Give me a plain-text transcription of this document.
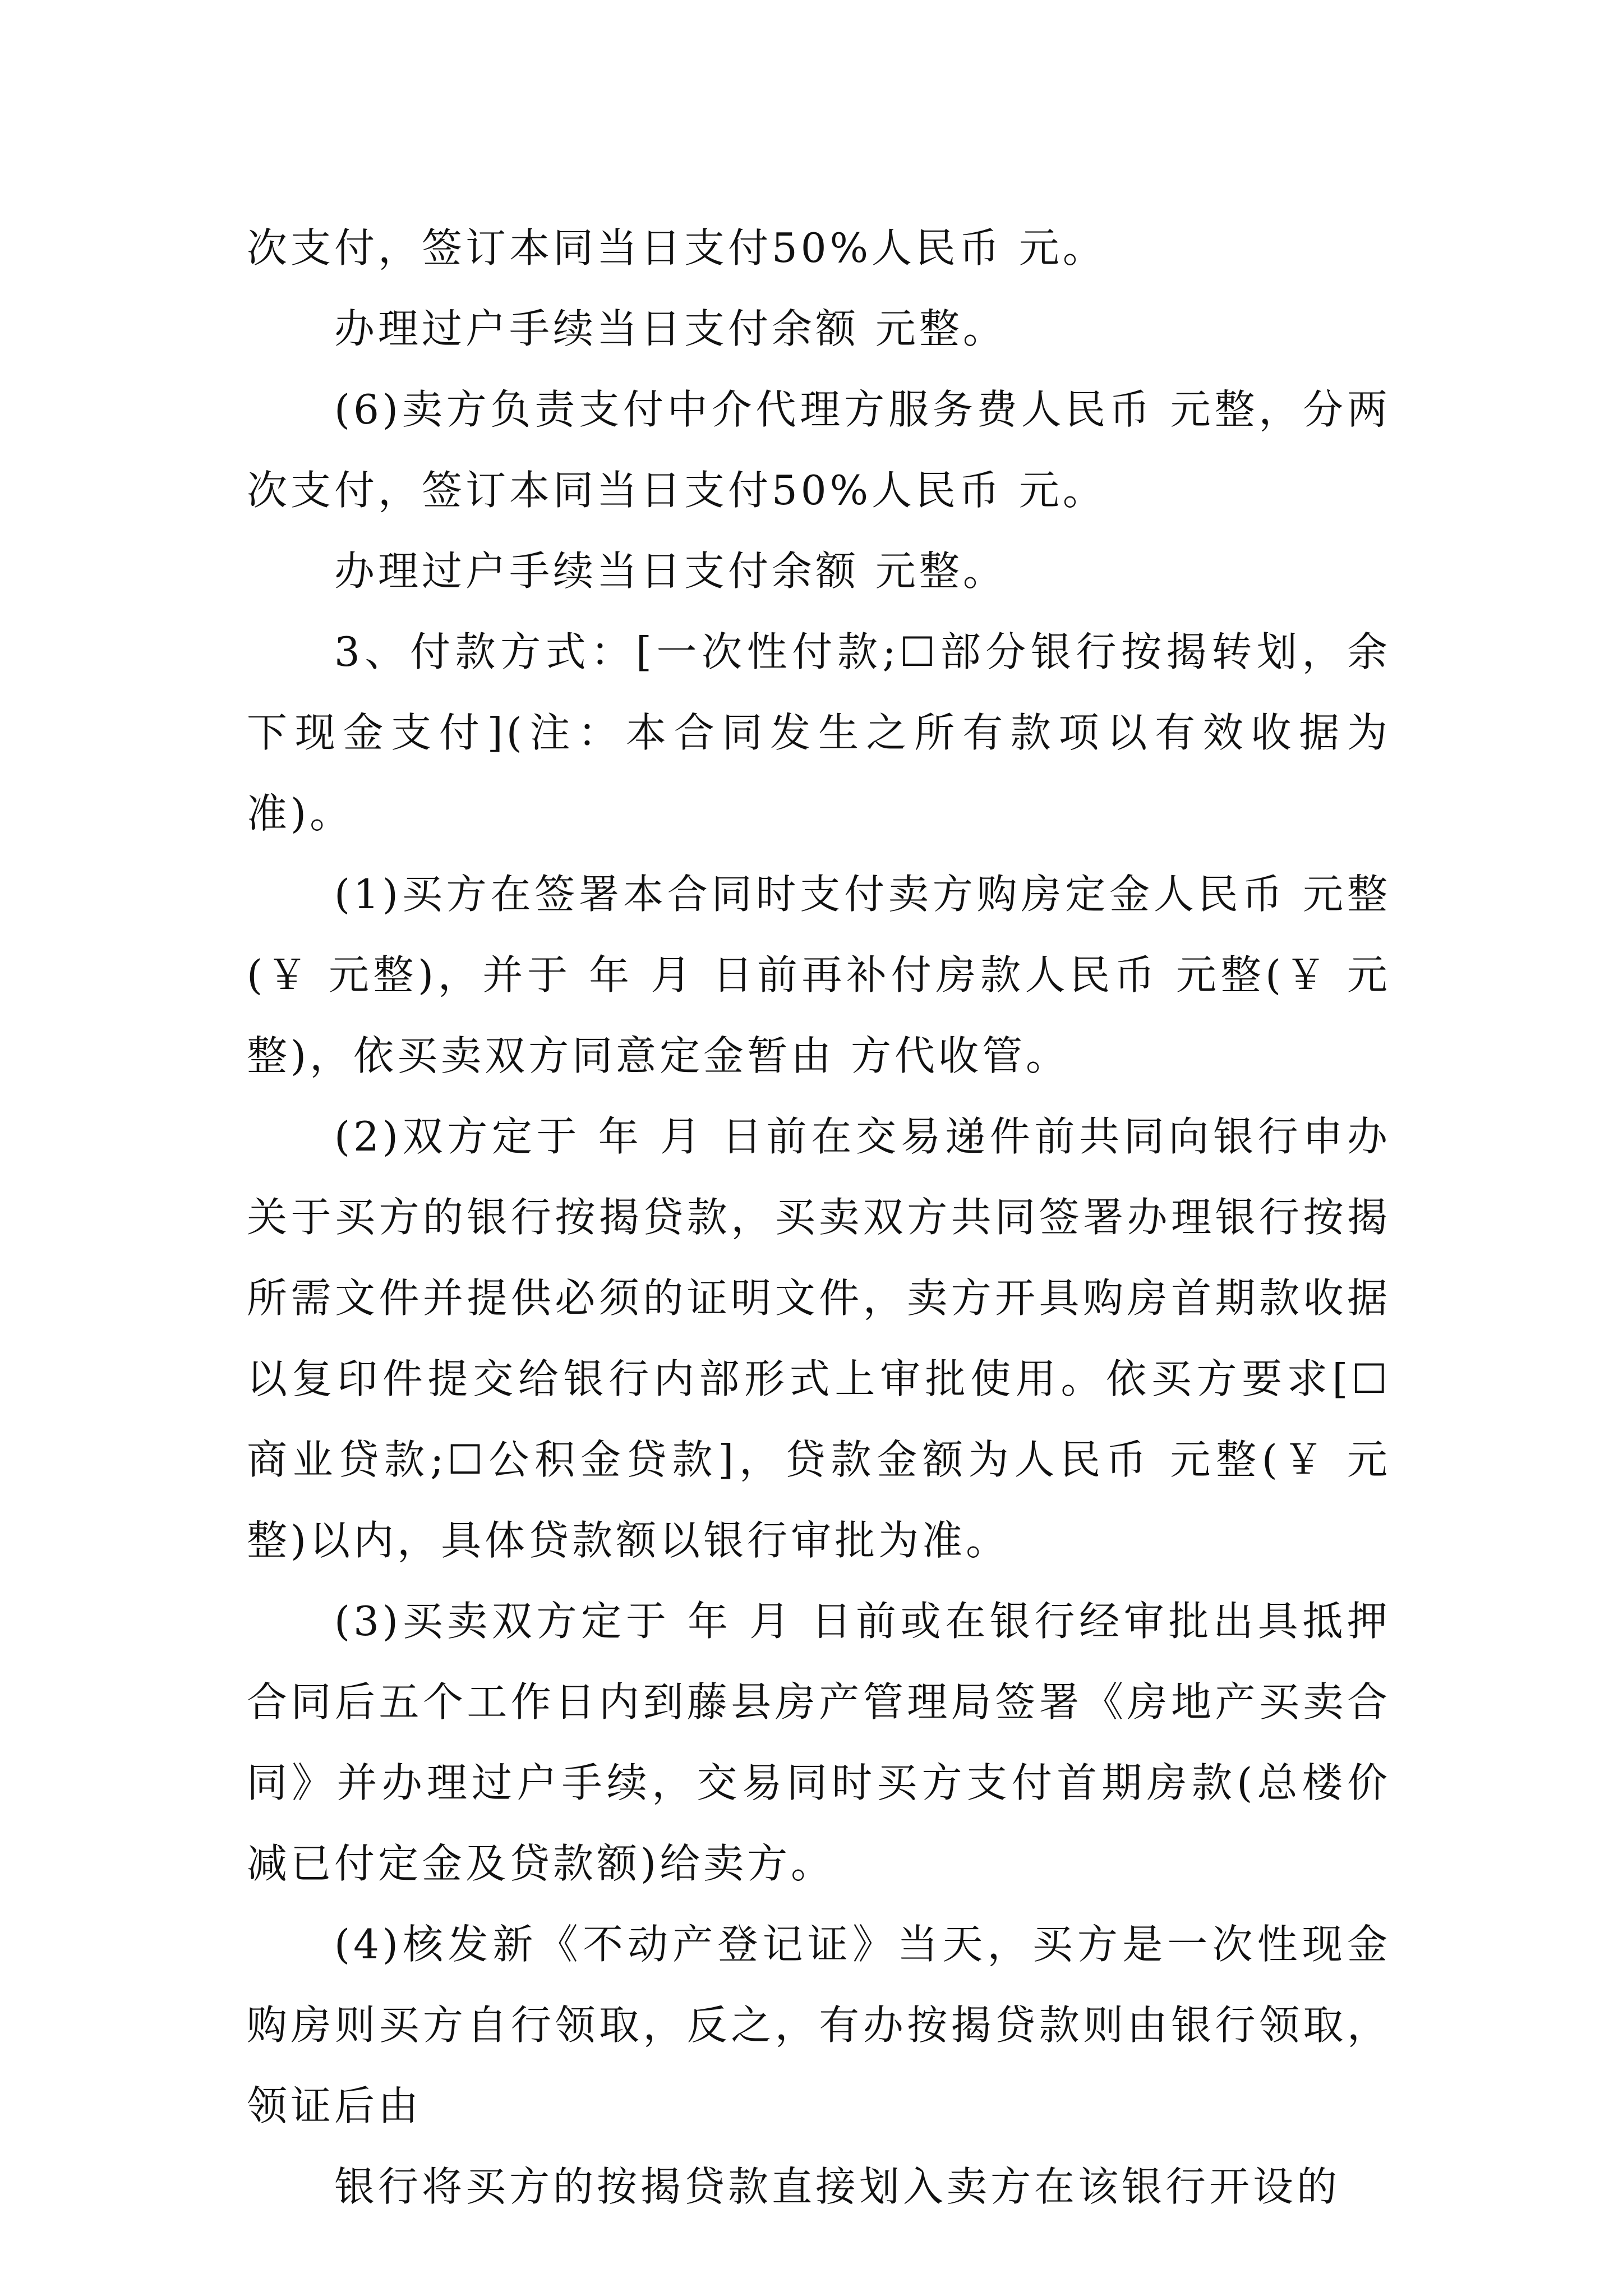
次支付，签订本同当日支付50%人民币 元。

办理过户手续当日支付余额 元整。

(6)卖方负责支付中介代理方服务费人民币 元整，分两次支付，签订本同当日支付50%人民币 元。

办理过户手续当日支付余额 元整。

3、付款方式：[一次性付款;☐部分银行按揭转划，余下现金支付](注：本合同发生之所有款项以有效收据为准)。

(1)买方在签署本合同时支付卖方购房定金人民币 元整(￥ 元整)，并于 年 月 日前再补付房款人民币 元整(￥ 元整)，依买卖双方同意定金暂由 方代收管。

(2)双方定于 年 月 日前在交易递件前共同向银行申办关于买方的银行按揭贷款，买卖双方共同签署办理银行按揭所需文件并提供必须的证明文件，卖方开具购房首期款收据以复印件提交给银行内部形式上审批使用。依买方要求[☐商业贷款;☐公积金贷款]，贷款金额为人民币 元整(￥ 元整)以内，具体贷款额以银行审批为准。

(3)买卖双方定于 年 月 日前或在银行经审批出具抵押合同后五个工作日内到藤县房产管理局签署《房地产买卖合同》并办理过户手续，交易同时买方支付首期房款(总楼价减已付定金及贷款额)给卖方。

(4)核发新《不动产登记证》当天，买方是一次性现金购房则买方自行领取，反之，有办按揭贷款则由银行领取，领证后由

银行将买方的按揭贷款直接划入卖方在该银行开设的
